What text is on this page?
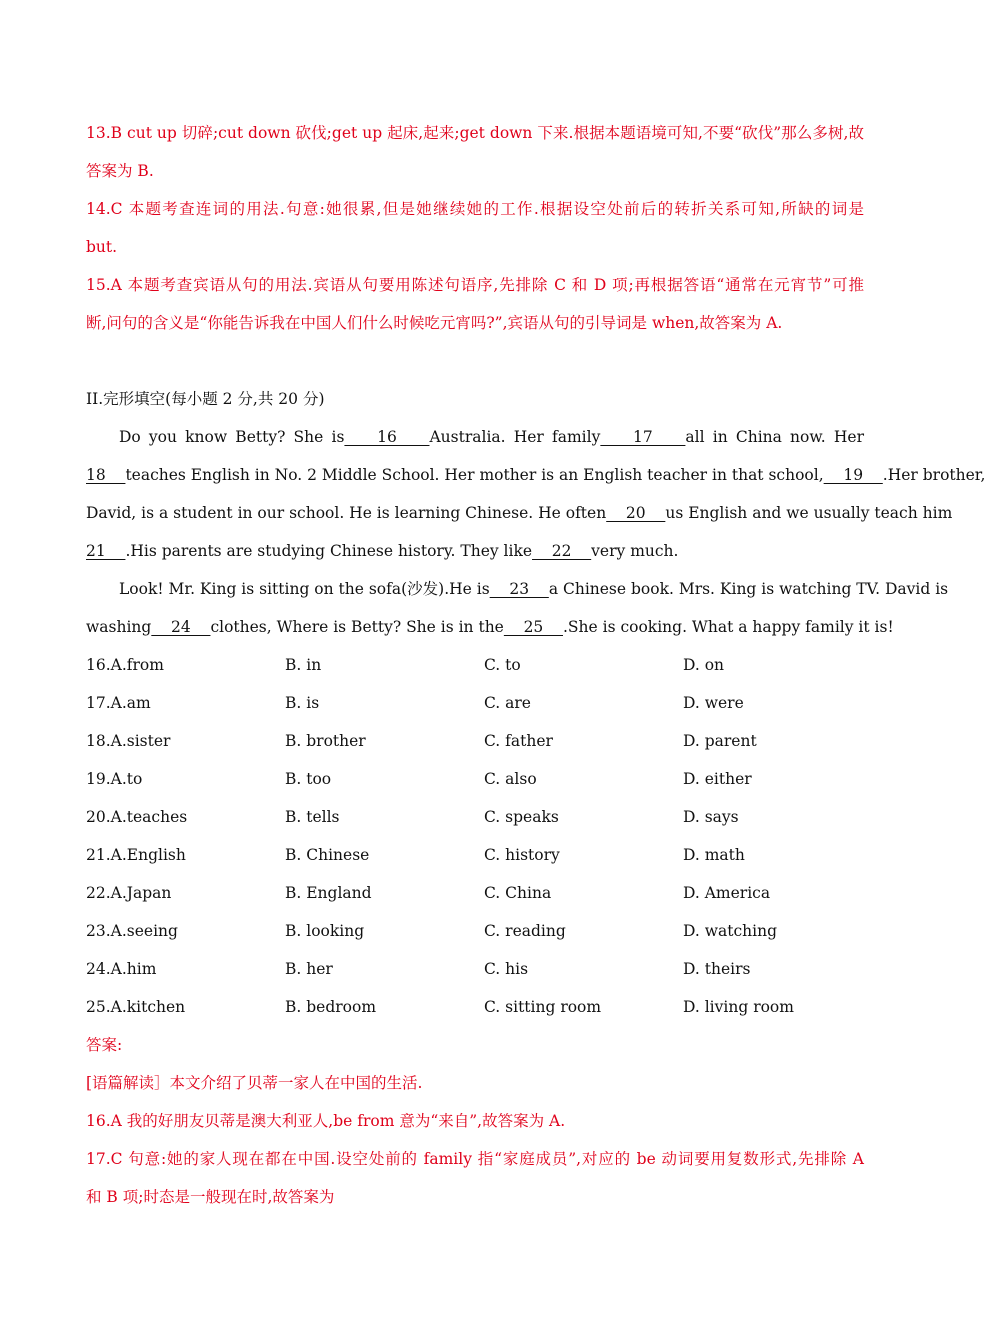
13.B cut up 切碎;cut down 砍伐;get up 起床,起来;get down 下来.根据本题语境可知,不要“砍伐”那么多树,故
答案为 B.
14.C 本题考查连词的用法.句意:她很累,但是她继续她的工作.根据设空处前后的转折关系可知,所缺的词是
but.
15.A 本题考查宾语从句的用法.宾语从句要用陈述句语序,先排除 C 和 D 项;再根据答语“通常在元宵节”可推
断,问句的含义是“你能告诉我在中国人们什么时候吃元宵吗?”,宾语从句的引导词是 when,故答案为 A.
II.完形填空(每小题 2 分,共 20 分)
Do you know Betty? She is    16    Australia. Her family    17    all in China now. Her
18    teaches English in No. 2 Middle School. Her mother is an English teacher in that school,    19    .Her brother,
David, is a student in our school. He is learning Chinese. He often    20    us English and we usually teach him
21    .His parents are studying Chinese history. They like    22    very much.
Look! Mr. King is sitting on the sofa(沙发).He is    23    a Chinese book. Mrs. King is watching TV. David is
washing    24    clothes, Where is Betty? She is in the    25    .She is cooking. What a happy family it is!
16.A.from	B. in	C. to	D. on
17.A.am	B. is	C. are	D. were
18.A.sister	B. brother	C. father	D. parent
19.A.to	B. too	C. also	D. either
20.A.teaches	B. tells	C. speaks	D. says
21.A.English	B. Chinese	C. history	D. math
22.A.Japan	B. England	C. China	D. America
23.A.seeing	B. looking	C. reading	D. watching
24.A.him	B. her	C. his	D. theirs
25.A.kitchen	B. bedroom	C. sitting room	D. living room
答案:
[语篇解读］本文介绍了贝蒂一家人在中国的生活.
16.A 我的好朋友贝蒂是澳大利亚人,be from 意为“来自”,故答案为 A.
17.C 句意:她的家人现在都在中国.设空处前的 family 指“家庭成员”,对应的 be 动词要用复数形式,先排除 A
和 B 项;时态是一般现在时,故答案为
